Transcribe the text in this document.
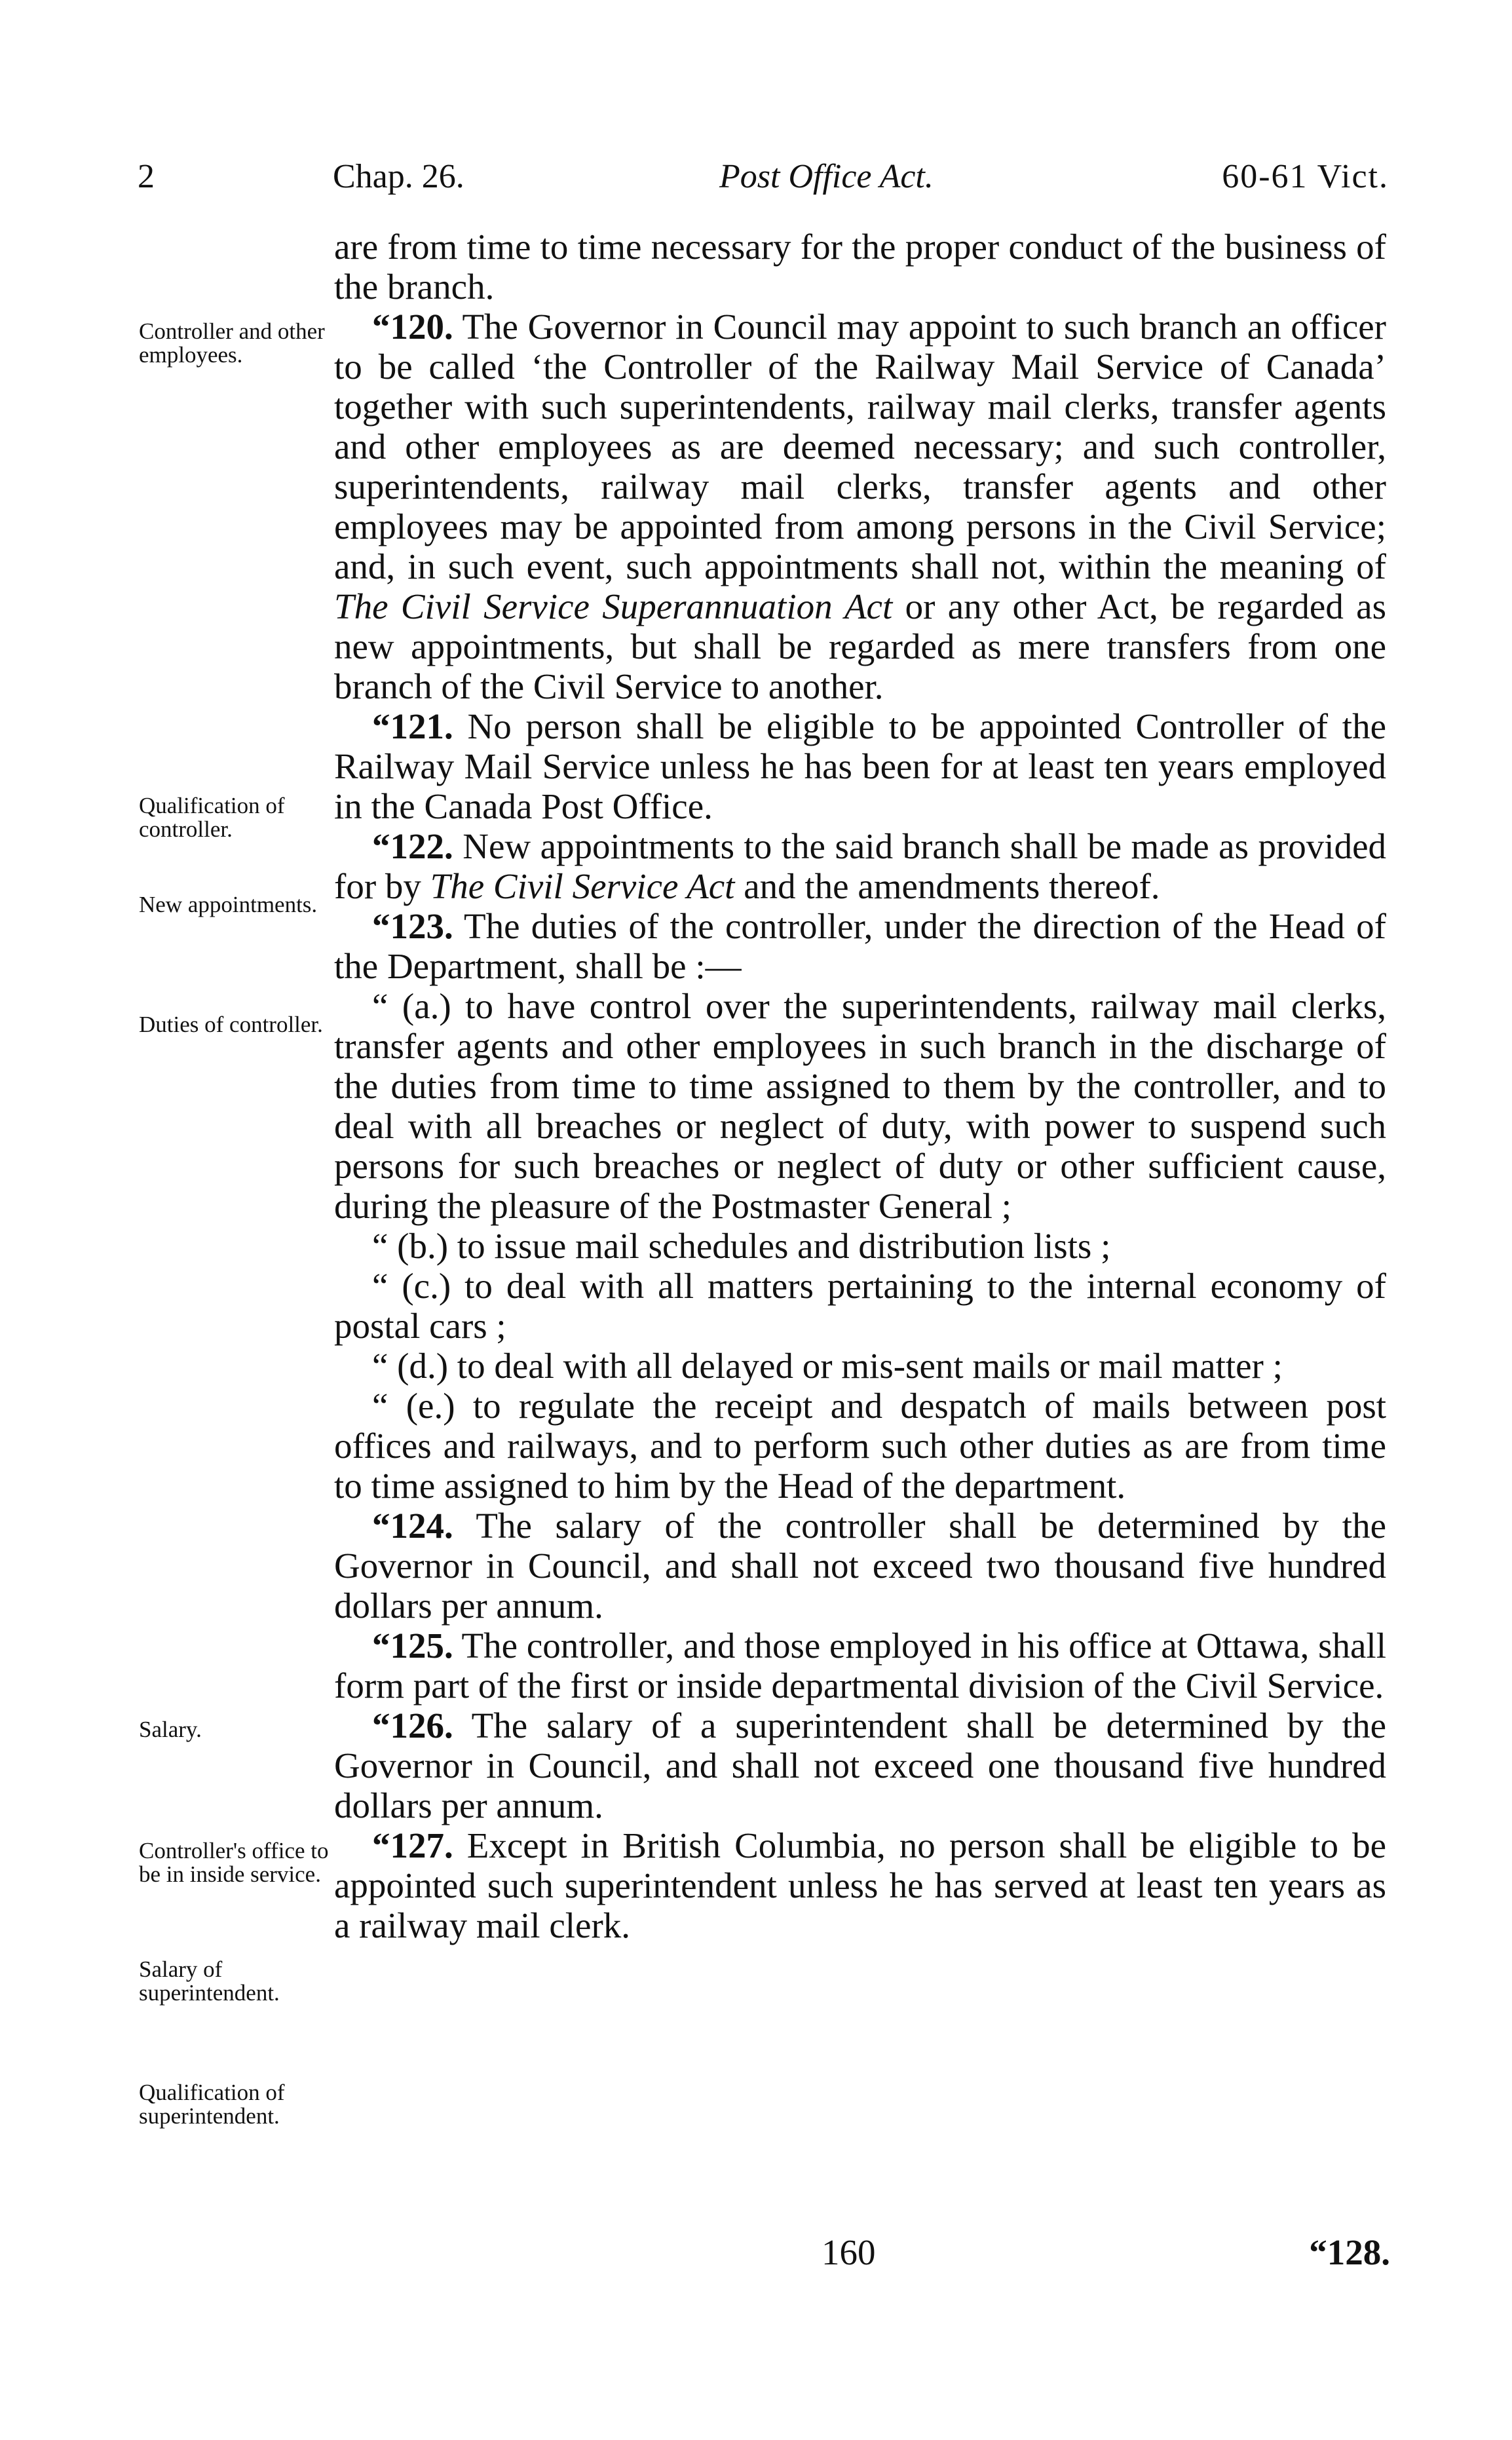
2	Chap. 26.	Post Office Act.	60-61 Vict.
Controller and other employees.
Qualification of controller.
New appointments.
Duties of controller.
Salary.
Controller's office to be in inside service.
Salary of superintendent.
Qualification of superintendent.

are from time to time necessary for the proper conduct of the business of the branch.

“120. The Governor in Council may appoint to such branch an officer to be called ‘the Controller of the Railway Mail Service of Canada’ together with such superintendents, railway mail clerks, transfer agents and other employees as are deemed necessary; and such controller, superintendents, railway mail clerks, transfer agents and other employees may be appointed from among persons in the Civil Service; and, in such event, such appointments shall not, within the meaning of The Civil Service Superannuation Act or any other Act, be regarded as new appointments, but shall be regarded as mere transfers from one branch of the Civil Service to another.

“121. No person shall be eligible to be appointed Controller of the Railway Mail Service unless he has been for at least ten years employed in the Canada Post Office.

“122. New appointments to the said branch shall be made as provided for by The Civil Service Act and the amendments thereof.

“123. The duties of the controller, under the direction of the Head of the Department, shall be :—

“ (a.) to have control over the superintendents, railway mail clerks, transfer agents and other employees in such branch in the discharge of the duties from time to time assigned to them by the controller, and to deal with all breaches or neglect of duty, with power to suspend such persons for such breaches or neglect of duty or other sufficient cause, during the pleasure of the Postmaster General ;

“ (b.) to issue mail schedules and distribution lists ;

“ (c.) to deal with all matters pertaining to the internal economy of postal cars ;

“ (d.) to deal with all delayed or mis-sent mails or mail matter ;

“ (e.) to regulate the receipt and despatch of mails between post offices and railways, and to perform such other duties as are from time to time assigned to him by the Head of the department.

“124. The salary of the controller shall be determined by the Governor in Council, and shall not exceed two thousand five hundred dollars per annum.

“125. The controller, and those employed in his office at Ottawa, shall form part of the first or inside departmental division of the Civil Service.

“126. The salary of a superintendent shall be determined by the Governor in Council, and shall not exceed one thousand five hundred dollars per annum.

“127. Except in British Columbia, no person shall be eligible to be appointed such superintendent unless he has served at least ten years as a railway mail clerk.

160	“128.
